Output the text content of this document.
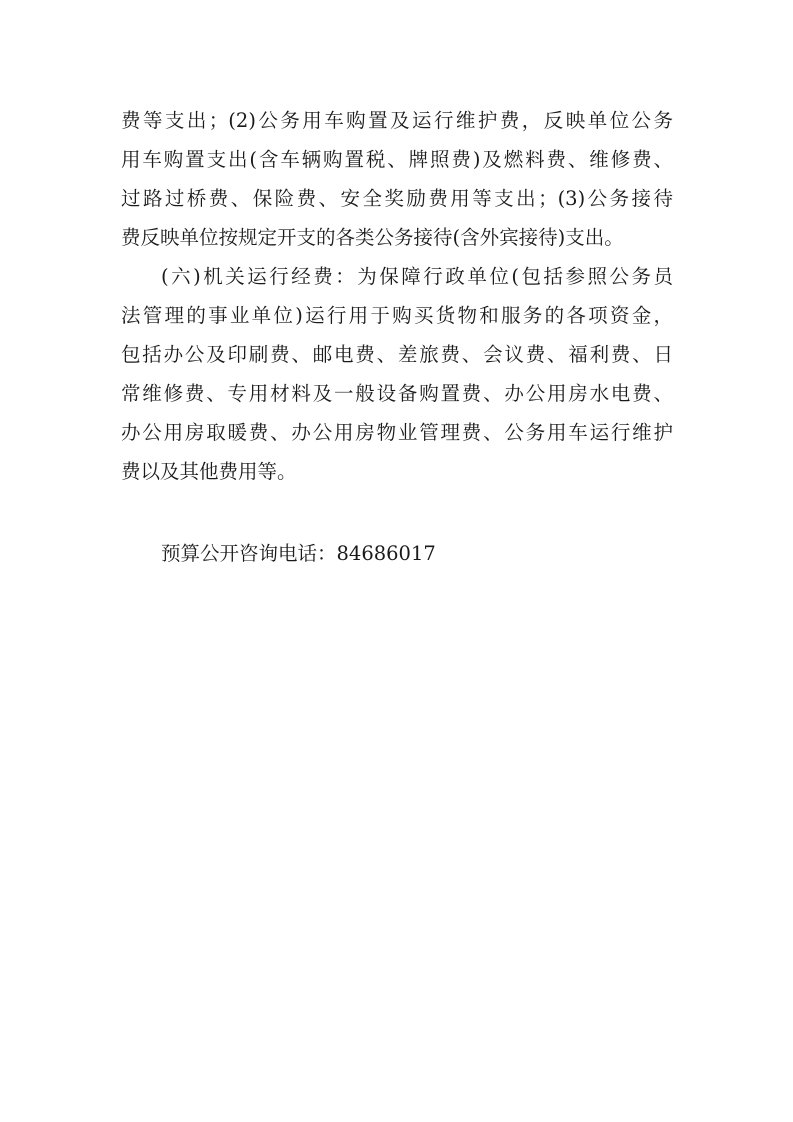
费等支出；(2)公务用车购置及运行维护费，反映单位公务
用车购置支出(含车辆购置税、牌照费)及燃料费、维修费、
过路过桥费、保险费、安全奖励费用等支出；(3)公务接待
费反映单位按规定开支的各类公务接待(含外宾接待)支出。
(六)机关运行经费：为保障行政单位(包括参照公务员
法管理的事业单位)运行用于购买货物和服务的各项资金，
包括办公及印刷费、邮电费、差旅费、会议费、福利费、日
常维修费、专用材料及一般设备购置费、办公用房水电费、
办公用房取暖费、办公用房物业管理费、公务用车运行维护
费以及其他费用等。
预算公开咨询电话：84686017
